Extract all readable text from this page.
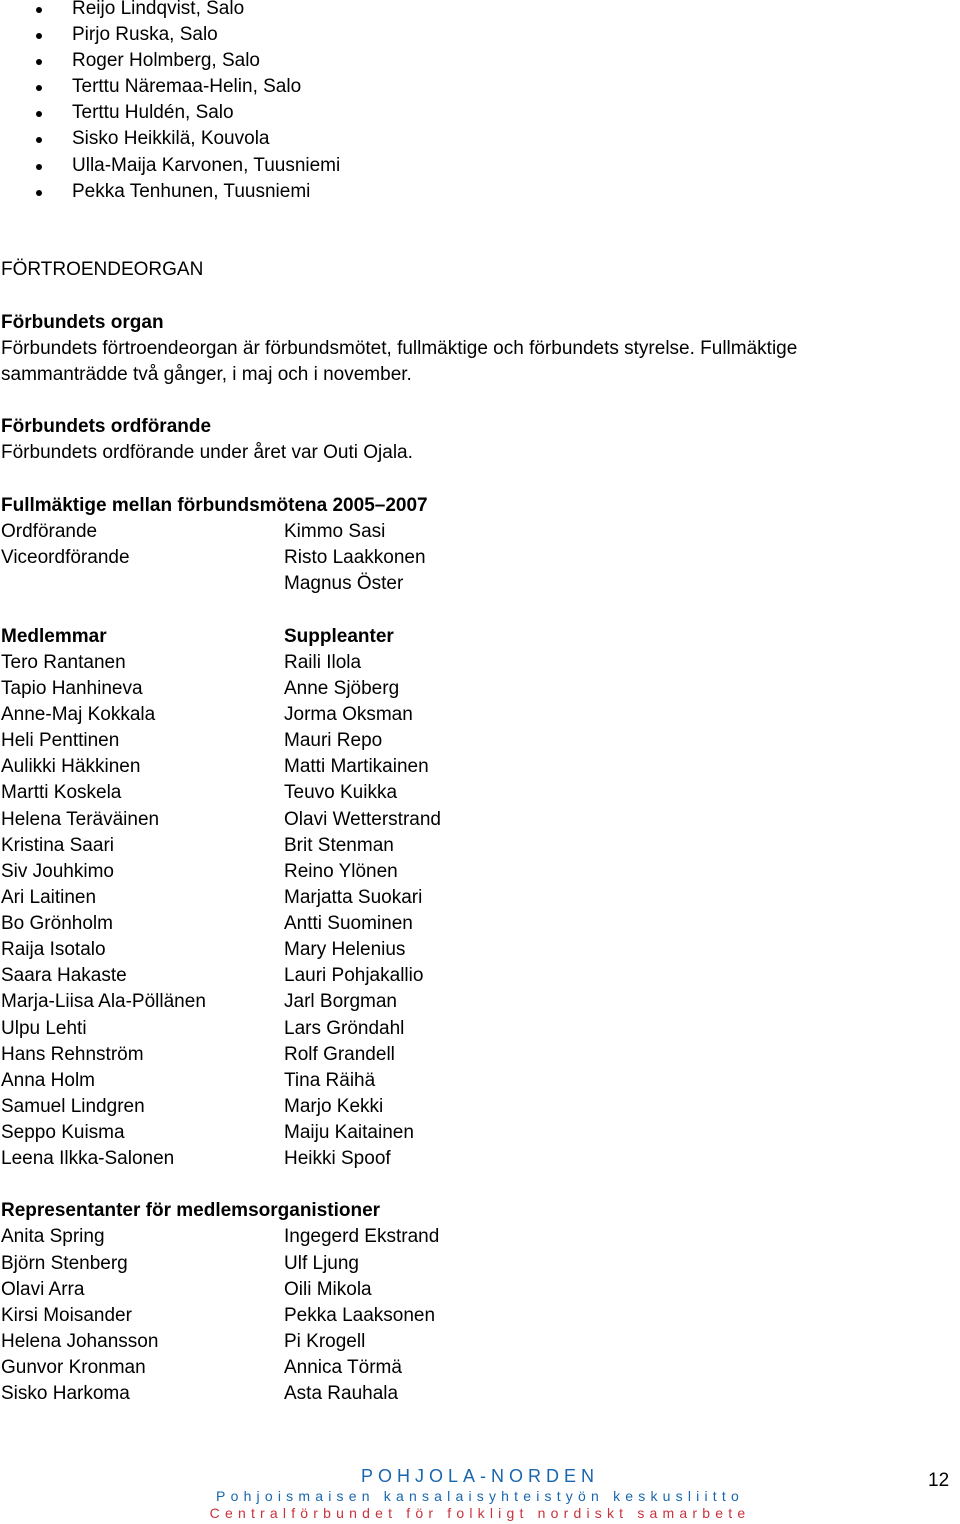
Reijo Lindqvist, Salo
Pirjo Ruska, Salo
Roger Holmberg, Salo
Terttu Näremaa-Helin, Salo
Terttu Huldén, Salo
Sisko Heikkilä, Kouvola
Ulla-Maija Karvonen, Tuusniemi
Pekka Tenhunen, Tuusniemi
FÖRTROENDEORGAN
Förbundets organ
Förbundets förtroendeorgan är förbundsmötet, fullmäktige och förbundets styrelse. Fullmäktige
sammanträdde två gånger, i maj och i november.
Förbundets ordförande
Förbundets ordförande under året var Outi Ojala.
Fullmäktige mellan förbundsmötena 2005–2007
Ordförande	Kimmo Sasi
Viceordförande	Risto Laakkonen
Magnus Öster
Medlemmar	Suppleanter
Tero Rantanen	Raili Ilola
Tapio Hanhineva	Anne Sjöberg
Anne-Maj Kokkala	Jorma Oksman
Heli Penttinen	Mauri Repo
Aulikki Häkkinen	Matti Martikainen
Martti Koskela	Teuvo Kuikka
Helena Teräväinen	Olavi Wetterstrand
Kristina Saari	Brit Stenman
Siv Jouhkimo	Reino Ylönen
Ari Laitinen	Marjatta Suokari
Bo Grönholm	Antti Suominen
Raija Isotalo	Mary Helenius
Saara Hakaste	Lauri Pohjakallio
Marja-Liisa Ala-Pöllänen	Jarl Borgman
Ulpu Lehti	Lars Gröndahl
Hans Rehnström	Rolf Grandell
Anna Holm	Tina Räihä
Samuel Lindgren	Marjo Kekki
Seppo Kuisma	Maiju Kaitainen
Leena Ilkka-Salonen	Heikki Spoof
Representanter för medlemsorganistioner
Anita Spring	Ingegerd Ekstrand
Björn Stenberg	Ulf Ljung
Olavi Arra	Oili Mikola
Kirsi Moisander	Pekka Laaksonen
Helena Johansson	Pi Krogell
Gunvor Kronman	Annica Törmä
Sisko Harkoma	Asta Rauhala
POHJOLA-NORDEN
Pohjoismaisen kansalaisyhteistyön keskusliitto
Centralförbundet för folkligt nordiskt samarbete
12
